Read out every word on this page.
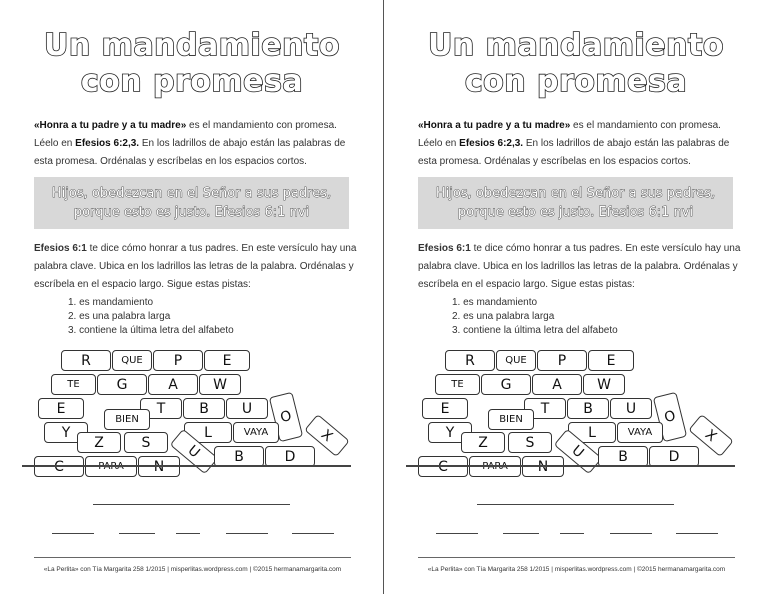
Un mandamiento
con promesa
«Honra a tu padre y a tu madre» es el mandamiento con promesa. Léelo en Efesios 6:2,3. En los ladrillos de abajo están las palabras de esta promesa. Ordénalas y escríbelas en los espacios cortos.
Hijos, obedezcan en el Señor a sus padres,
porque esto es justo. Efesios 6:1 nvi
Efesios 6:1 te dice cómo honrar a tus padres. En este versículo hay una palabra clave. Ubica en los ladrillos las letras de la palabra. Ordénalas y escríbela en el espacio largo. Sigue estas pistas:
1. es mandamiento
2. es una palabra larga
3. contiene la última letra del alfabeto
R	QUE	P	E
TE	G	A	W
E	T	B	U
BIEN	O
Y
Z	S
L	VAYA	X
U	B	D
«La Perlita» con Tía Margarita 258 1/2015 | misperlitas.wordpress.com | ©2015 hermanamargarita.com
Un mandamiento
con promesa
«Honra a tu padre y a tu madre» es el mandamiento con promesa. Léelo en Efesios 6:2,3. En los ladrillos de abajo están las palabras de esta promesa. Ordénalas y escríbelas en los espacios cortos.
Hijos, obedezcan en el Señor a sus padres,
porque esto es justo. Efesios 6:1 nvi
Efesios 6:1 te dice cómo honrar a tus padres. En este versículo hay una palabra clave. Ubica en los ladrillos las letras de la palabra. Ordénalas y escríbela en el espacio largo. Sigue estas pistas:
1. es mandamiento
2. es una palabra larga
3. contiene la última letra del alfabeto
R	QUE	P	E
TE	G	A	W
E	T	B	U
BIEN	O
Y
Z	S
L	VAYA	X
U	B	D
«La Perlita» con Tía Margarita 258 1/2015 | misperlitas.wordpress.com | ©2015 hermanamargarita.com
